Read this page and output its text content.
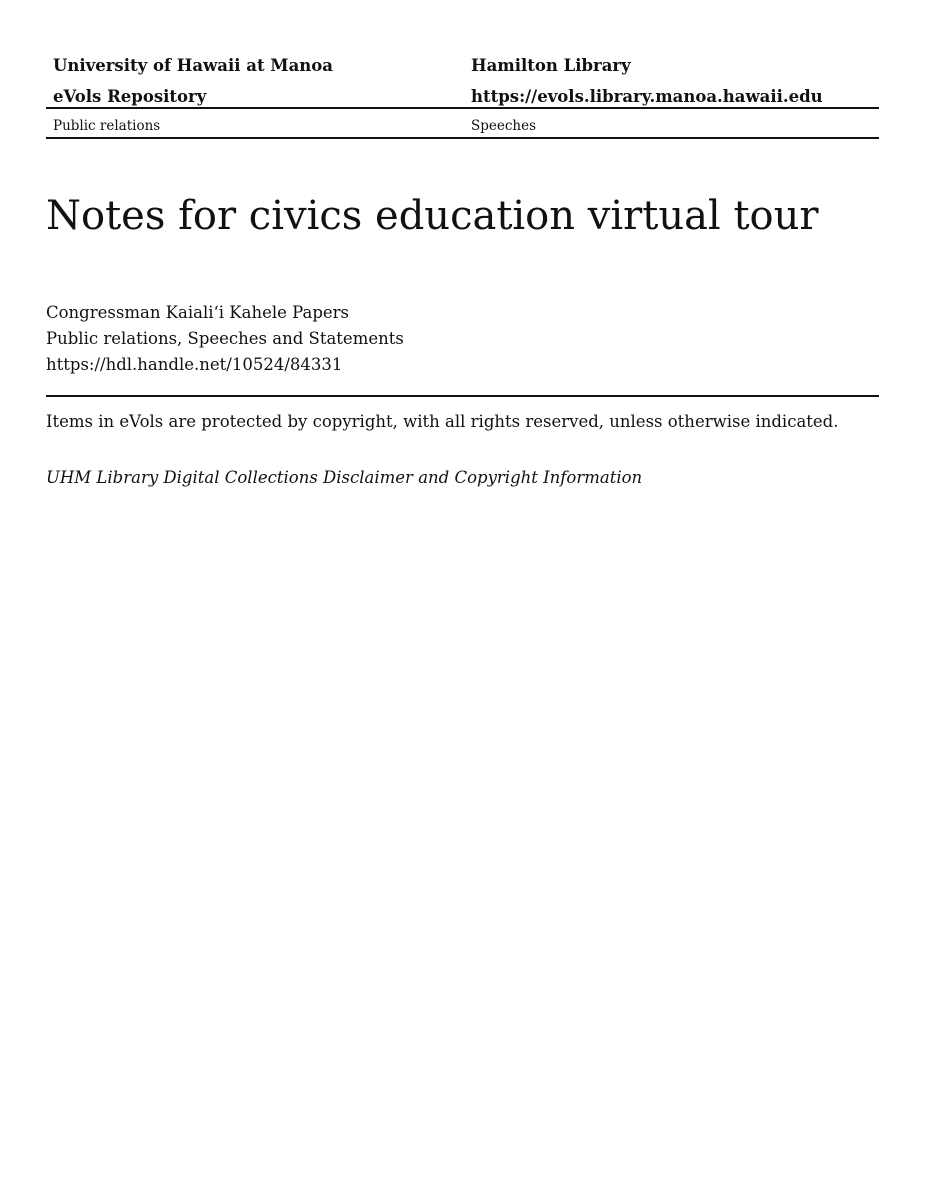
University of Hawaii at Manoa	Hamilton Library
eVols Repository	https://evols.library.manoa.hawaii.edu
Public relations	Speeches
Notes for civics education virtual tour
Congressman Kaiali‘i Kahele Papers
Public relations, Speeches and Statements
https://hdl.handle.net/10524/84331
Items in eVols are protected by copyright, with all rights reserved, unless otherwise indicated.
UHM Library Digital Collections Disclaimer and Copyright Information
